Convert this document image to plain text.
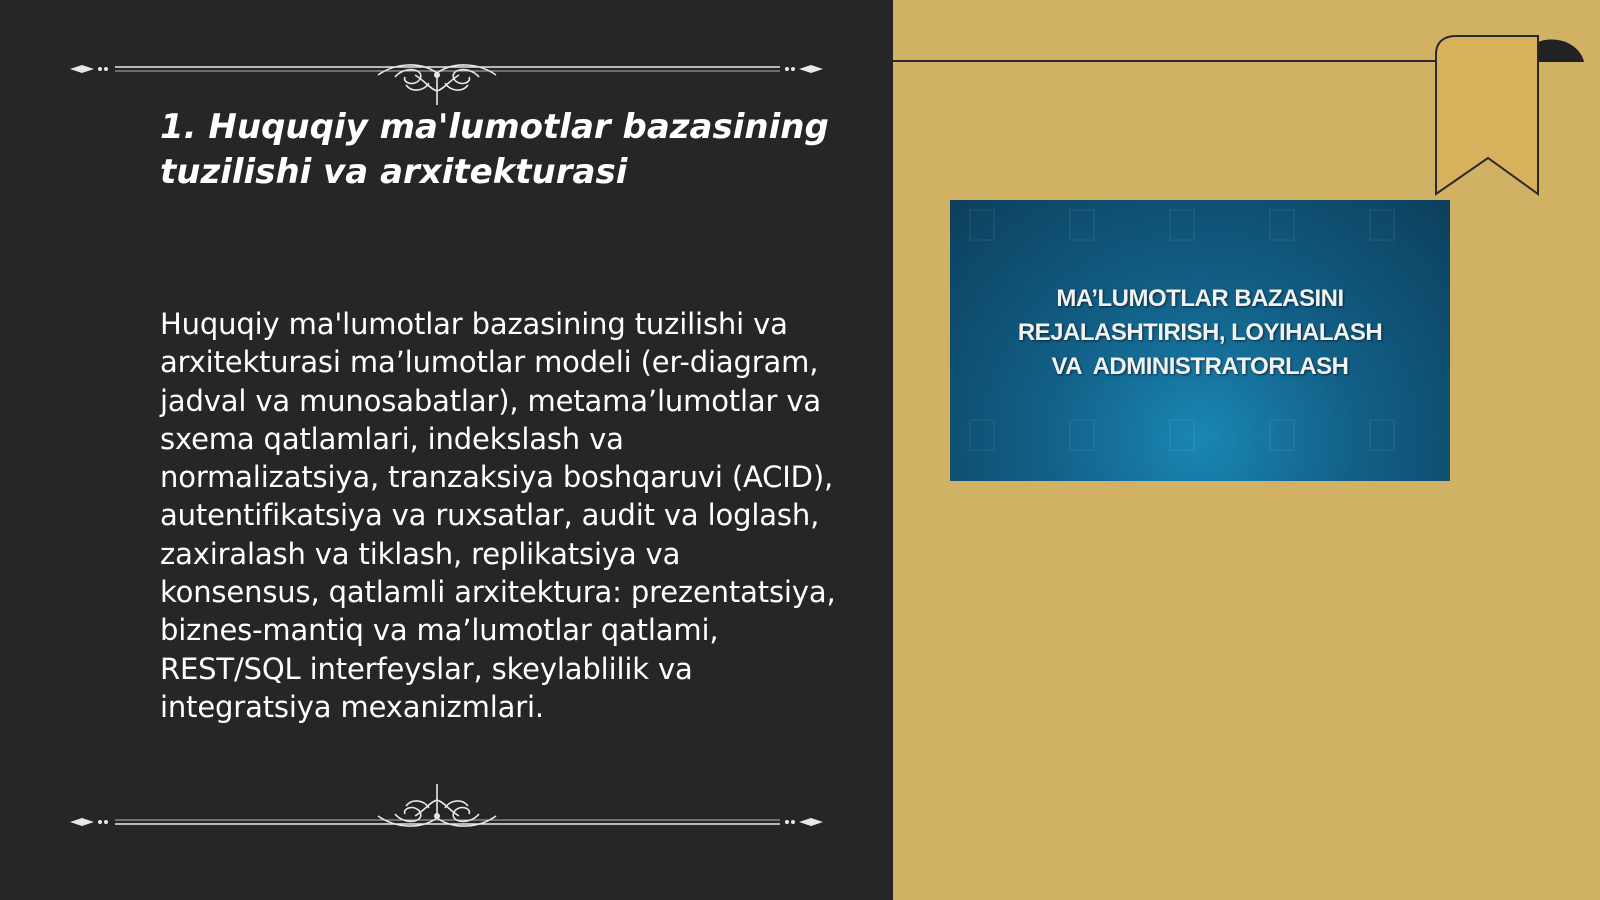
1. Huquqiy ma'lumotlar bazasining tuzilishi va arxitekturasi

Huquqiy ma'lumotlar bazasining tuzilishi va arxitekturasi ma’lumotlar modeli (er-diagram, jadval va munosabatlar), metama’lumotlar va sxema qatlamlari, indekslash va normalizatsiya, tranzaksiya boshqaruvi (ACID), autentifikatsiya va ruxsatlar, audit va loglash, zaxiralash va tiklash, replikatsiya va konsensus, qatlamli arxitektura: prezentatsiya, biznes-mantiq va ma’lumotlar qatlami, REST/SQL interfeyslar, skeylablilik va integratsiya mexanizmlari.

MA’LUMOTLAR BAZASINI
REJALASHTIRISH, LOYIHALASH
VA  ADMINISTRATORLASH
